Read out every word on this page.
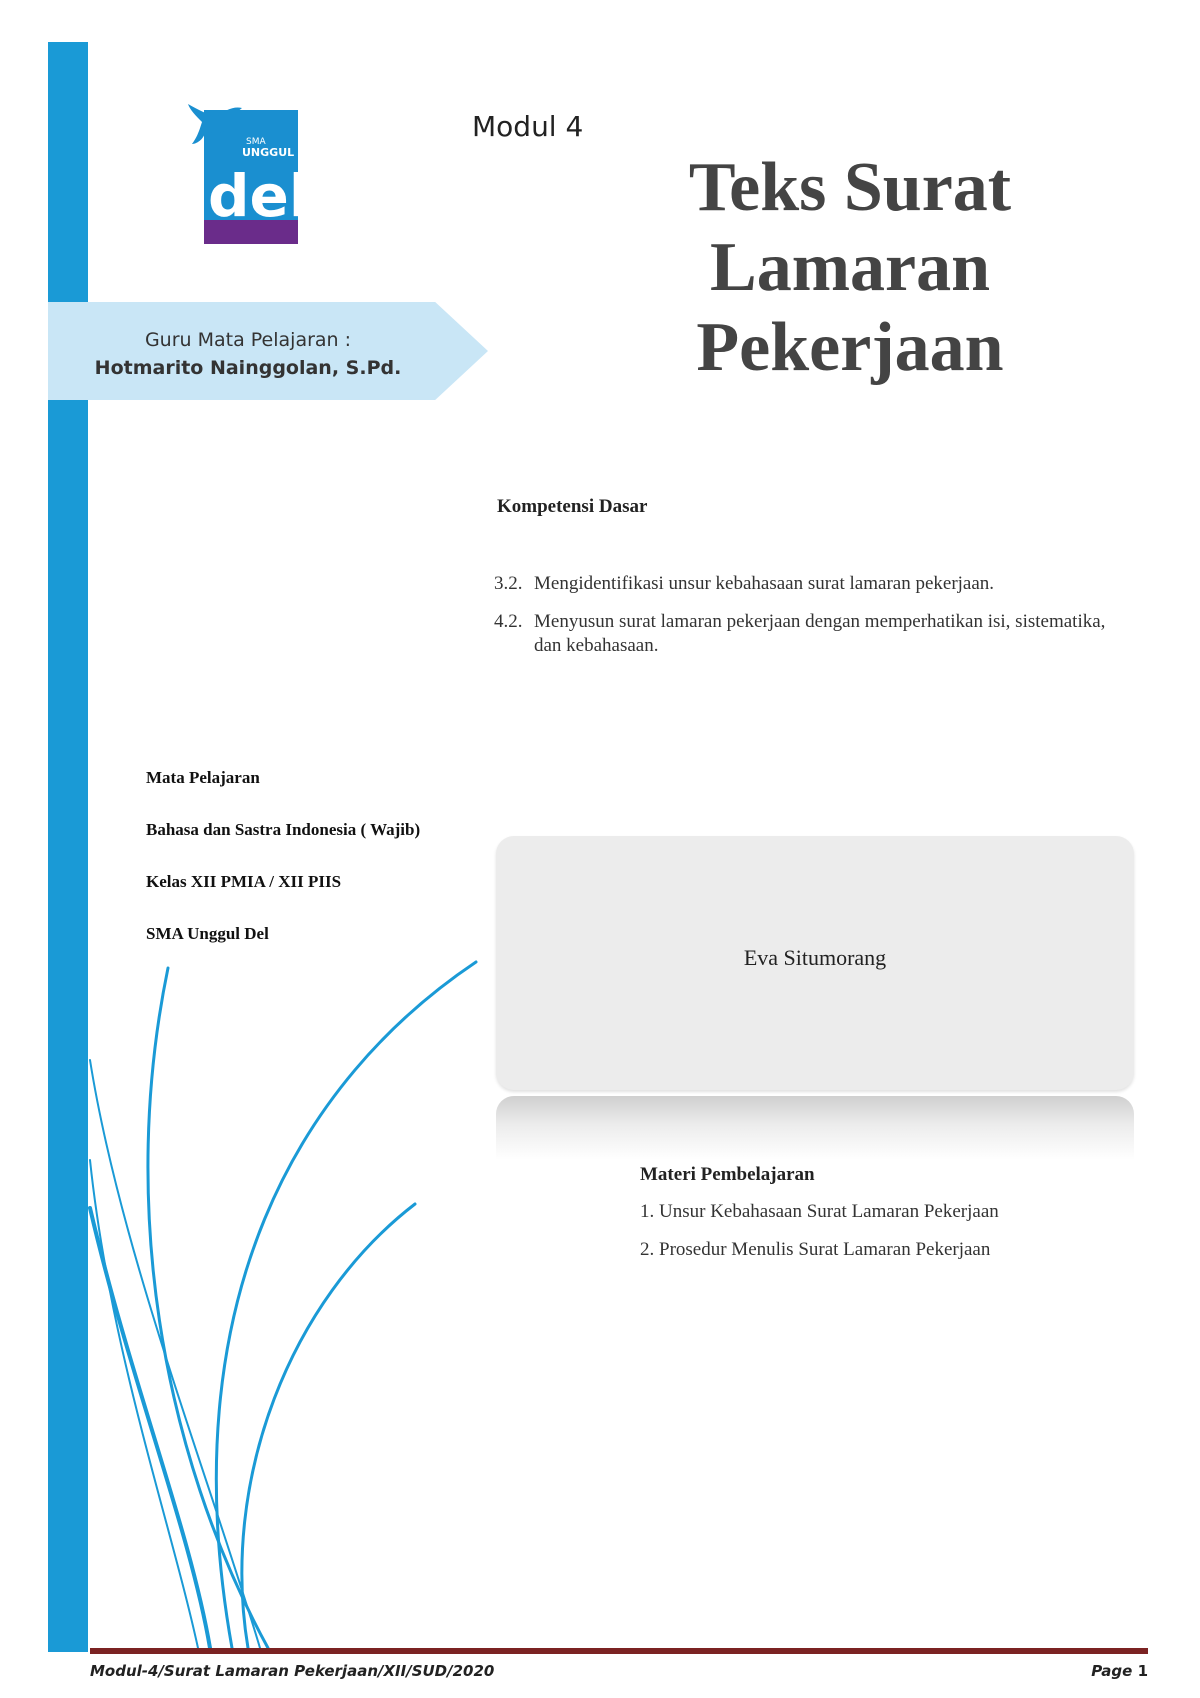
SMA
UNGGUL
del
Guru Mata Pelajaran :
Hotmarito Nainggolan, S.Pd.
Modul 4
Teks Surat
Lamaran
Pekerjaan
Kompetensi Dasar
3.2. Mengidentifikasi unsur kebahasaan surat lamaran pekerjaan.
4.2. Menyusun surat lamaran pekerjaan dengan memperhatikan isi, sistematika, dan kebahasaan.
Mata Pelajaran
Bahasa dan Sastra Indonesia ( Wajib)
Kelas XII PMIA / XII PIIS
SMA Unggul Del
Eva Situmorang
Materi Pembelajaran
1. Unsur Kebahasaan Surat Lamaran Pekerjaan
2. Prosedur Menulis Surat Lamaran Pekerjaan
Modul-4/Surat Lamaran Pekerjaan/XII/SUD/2020	Page 1
